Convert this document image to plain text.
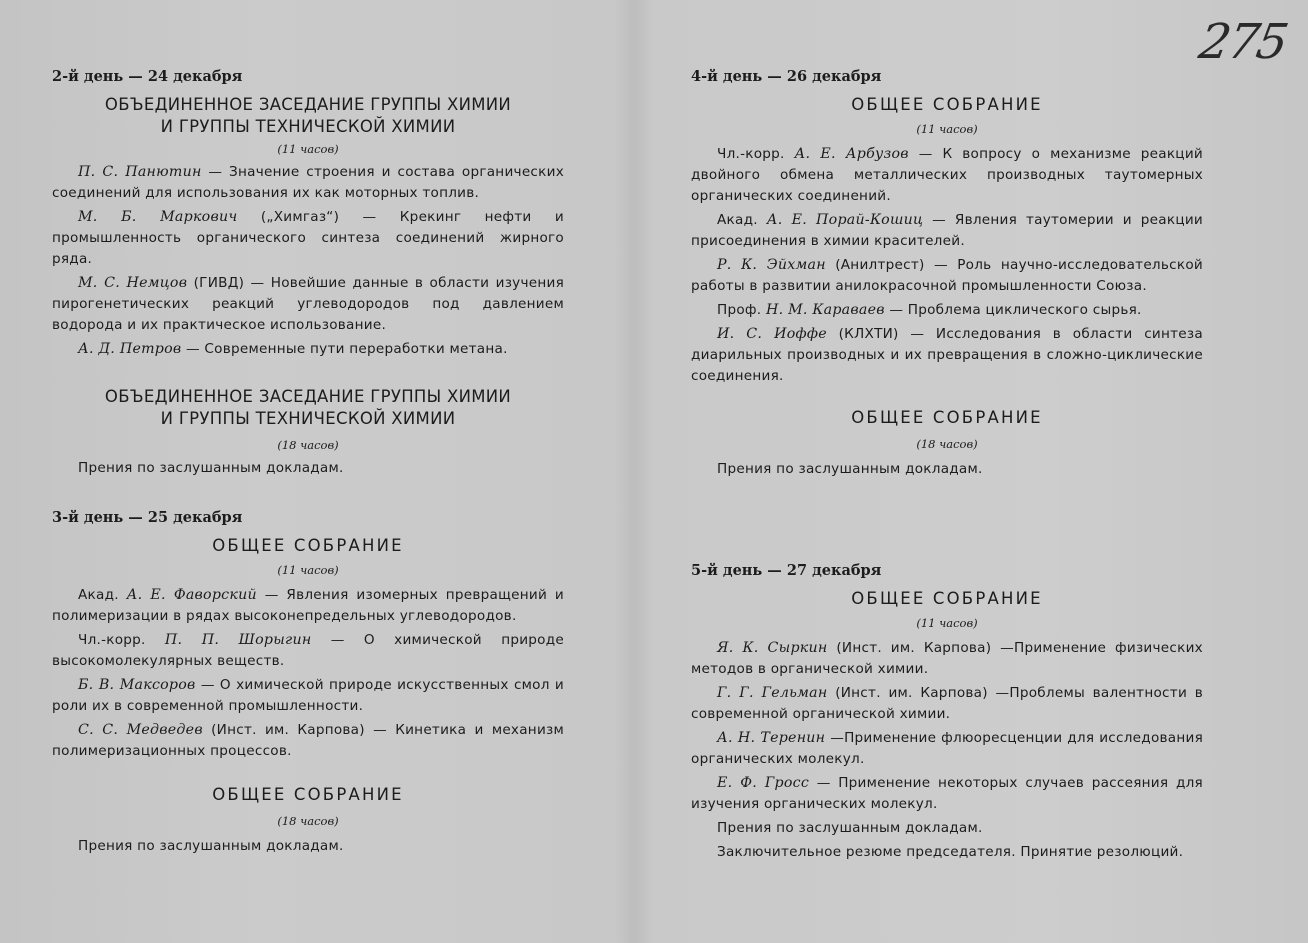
275
2-й день — 24 декабря
ОБЪЕДИНЕННОЕ ЗАСЕДАНИЕ ГРУППЫ ХИМИИ
И ГРУППЫ ТЕХНИЧЕСКОЙ ХИМИИ
(11 часов)

П. С. Панютин — Значение строения и состава органических соединений для использования их как моторных топлив.

М. Б. Маркович („Химгаз“) — Крекинг нефти и промышленность органического синтеза соединений жирного ряда.

М. С. Немцов (ГИВД) — Новейшие данные в области изучения пирогенетических реакций углеводородов под давлением водорода и их практическое использование.

А. Д. Петров — Современные пути переработки метана.

ОБЪЕДИНЕННОЕ ЗАСЕДАНИЕ ГРУППЫ ХИМИИ
И ГРУППЫ ТЕХНИЧЕСКОЙ ХИМИИ
(18 часов)

Прения по заслушанным докладам.

3-й день — 25 декабря
ОБЩЕЕ СОБРАНИЕ
(11 часов)

Акад. А. Е. Фаворский — Явления изомерных превращений и полимеризации в рядах высоконепредельных углеводородов.

Чл.-корр. П. П. Шорыгин — О химической природе высокомолекулярных веществ.

Б. В. Максоров — О химической природе искусственных смол и роли их в современной промышленности.

С. С. Медведев (Инст. им. Карпова) — Кинетика и механизм полимеризационных процессов.

ОБЩЕЕ СОБРАНИЕ
(18 часов)

Прения по заслушанным докладам.

4-й день — 26 декабря
ОБЩЕЕ СОБРАНИЕ
(11 часов)

Чл.-корр. А. Е. Арбузов — К вопросу о механизме реакций двойного обмена металлических производных таутомерных органических соединений.

Акад. А. Е. Порай-Кошиц — Явления таутомерии и реакции присоединения в химии красителей.

Р. К. Эйхман (Анилтрест) — Роль научно-исследовательской работы в развитии анилокрасочной промышленности Союза.

Проф. Н. М. Караваев — Проблема циклического сырья.

И. С. Иоффе (КЛХТИ) — Исследования в области синтеза диарильных производных и их превращения в сложно-циклические соединения.

ОБЩЕЕ СОБРАНИЕ
(18 часов)

Прения по заслушанным докладам.

5-й день — 27 декабря
ОБЩЕЕ СОБРАНИЕ
(11 часов)

Я. К. Сыркин (Инст. им. Карпова) —Применение физических методов в органической химии.

Г. Г. Гельман (Инст. им. Карпова) —Проблемы валентности в современной органической химии.

А. Н. Теренин —Применение флюоресценции для исследования органических молекул.

Е. Ф. Гросс — Применение некоторых случаев рассеяния для изучения органических молекул.

Прения по заслушанным докладам.

Заключительное резюме председателя. Принятие резолюций.
